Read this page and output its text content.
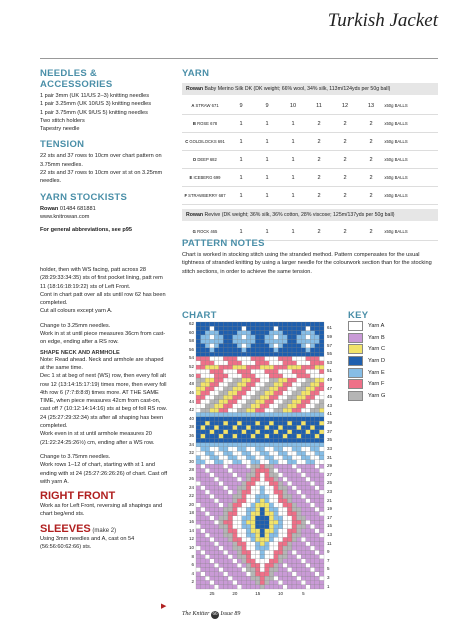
Turkish Jacket
NEEDLES & ACCESSORIES
1 pair 3mm (UK 11/US 2–3) knitting needles
1 pair 3.25mm (UK 10/US 3) knitting needles
1 pair 3.75mm (UK 9/US 5) knitting needles
Two stitch holders
Tapestry needle
TENSION
22 sts and 37 rows to 10cm over chart pattern on 3.75mm needles.
22 sts and 37 rows to 10cm over st st on 3.25mm needles.
YARN STOCKISTS
Rowan 01484 681881
www.knitrowan.com
For general abbreviations, see p95
YARN
Rowan Baby Merino Silk DK (DK weight; 66% wool, 34% silk, 113m/124yds per 50g ball)
A STRAW 671	9	9	10	11	12	13	x50g BALLS
B ROSE 678	1	1	1	2	2	2	x50g BALLS
C GOLDILOCKS 691	1	1	1	2	2	2	x50g BALLS
D DEEP 682	1	1	1	2	2	2	x50g BALLS
E ICEBERG 699	1	1	1	2	2	2	x50g BALLS
F STRAWBERRY 687	1	1	1	2	2	2	x50g BALLS
Rowan Revive (DK weight; 36% silk, 36% cotton, 28% viscose; 125m/137yds per 50g ball)
G ROCK 465	1	1	1	2	2	2	x50g BALLS
PATTERN NOTES
Chart is worked in stocking stitch using the stranded method. Pattern compensates for the usual tightness of stranded knitting by using a larger needle for the colourwork section than for the stocking stitch sections, in order to achieve the same tension.
holder, then with WS facing, patt across 28 (28:29:33:34:35) sts of first pocket lining, patt rem 11 (18:16:18:19:22) sts of Left Front.
Cont in chart patt over all sts until row 62 has been completed.
Cut all colours except yarn A.
Change to 3.25mm needles.
Work in st st until piece measures 36cm from cast-on edge, ending after a RS row.
SHAPE NECK AND ARMHOLE
Note: Read ahead. Neck and armhole are shaped at the same time.
Dec 1 st at beg of next (WS) row, then every foll alt row 12 (13:14:15:17:19) times more, then every foll 4th row 6 (7:7:8:8:8) times more. AT THE SAME TIME, when piece measures 42cm from cast-on, cast off 7 (10:12:14:14:16) sts at beg of foll RS row.
24 (25:27:29:32:34) sts after all shaping has been completed.
Work even in st st until armhole measures 20 (21:22:24:25:26½) cm, ending after a WS row.
Change to 3.75mm needles.
Work rows 1–12 of chart, starting with st 1 and ending with st 24 (25:27:26:26:26) of chart. Cast off with yarn A.
RIGHT FRONT
Work as for Left Front, reversing all shapings and chart beg/end sts.
SLEEVES (make 2)
Using 3mm needles and A, cast on 54 (56:56:60:62:66) sts.
▶
CHART	KEY
62
60
58
56
54
52
50
48
46
44
42
40
38
36
34
32
30
28
26
24
22
20
18
16
14
12
10
8
6
4
2
61
59
57
55
53
51
49
47
45
43
41
39
37
35
33
31
29
27
25
23
21
19
17
15
13
11
9
7
5
3
1
25	20	15	10	5
Yarn A
Yarn B
Yarn C
Yarn D
Yarn E
Yarn F
Yarn G
The Knitter 66 Issue 89
